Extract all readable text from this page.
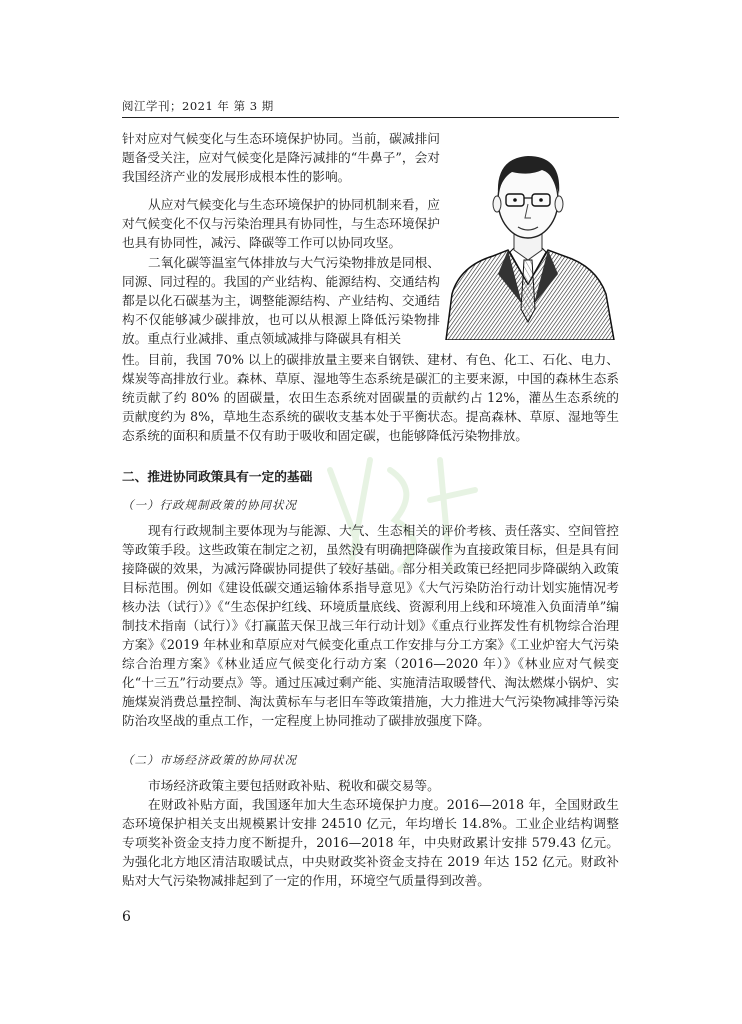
阅江学刊；2021 年 第 3 期

针对应对气候变化与生态环境保护协同。当前，碳减排问题备受关注，应对气候变化是降污减排的“牛鼻子”，会对我国经济产业的发展形成根本性的影响。

从应对气候变化与生态环境保护的协同机制来看，应对气候变化不仅与污染治理具有协同性，与生态环境保护也具有协同性，减污、降碳等工作可以协同攻坚。

二氧化碳等温室气体排放与大气污染物排放是同根、同源、同过程的。我国的产业结构、能源结构、交通结构都是以化石碳基为主，调整能源结构、产业结构、交通结构不仅能够减少碳排放，也可以从根源上降低污染物排放。重点行业减排、重点领域减排与降碳具有相关

性。目前，我国 70% 以上的碳排放量主要来自钢铁、建材、有色、化工、石化、电力、煤炭等高排放行业。森林、草原、湿地等生态系统是碳汇的主要来源，中国的森林生态系统贡献了约 80% 的固碳量，农田生态系统对固碳量的贡献约占 12%，灌丛生态系统的贡献度约为 8%，草地生态系统的碳收支基本处于平衡状态。提高森林、草原、湿地等生态系统的面积和质量不仅有助于吸收和固定碳，也能够降低污染物排放。

二、推进协同政策具有一定的基础
（一）行政规制政策的协同状况

现有行政规制主要体现为与能源、大气、生态相关的评价考核、责任落实、空间管控等政策手段。这些政策在制定之初，虽然没有明确把降碳作为直接政策目标，但是具有间接降碳的效果，为减污降碳协同提供了较好基础。部分相关政策已经把同步降碳纳入政策目标范围。例如《建设低碳交通运输体系指导意见》《大气污染防治行动计划实施情况考核办法（试行）》《“生态保护红线、环境质量底线、资源利用上线和环境准入负面清单”编制技术指南（试行）》《打赢蓝天保卫战三年行动计划》《重点行业挥发性有机物综合治理方案》《2019 年林业和草原应对气候变化重点工作安排与分工方案》《工业炉窑大气污染综合治理方案》《林业适应气候变化行动方案（2016—2020 年）》《林业应对气候变化“十三五”行动要点》等。通过压减过剩产能、实施清洁取暖替代、淘汰燃煤小锅炉、实施煤炭消费总量控制、淘汰黄标车与老旧车等政策措施，大力推进大气污染物减排等污染防治攻坚战的重点工作，一定程度上协同推动了碳排放强度下降。

（二）市场经济政策的协同状况

市场经济政策主要包括财政补贴、税收和碳交易等。

在财政补贴方面，我国逐年加大生态环境保护力度。2016—2018 年，全国财政生态环境保护相关支出规模累计安排 24510 亿元，年均增长 14.8%。工业企业结构调整专项奖补资金支持力度不断提升，2016—2018 年，中央财政累计安排 579.43 亿元。为强化北方地区清洁取暖试点，中央财政奖补资金支持在 2019 年达 152 亿元。财政补贴对大气污染物减排起到了一定的作用，环境空气质量得到改善。

6
